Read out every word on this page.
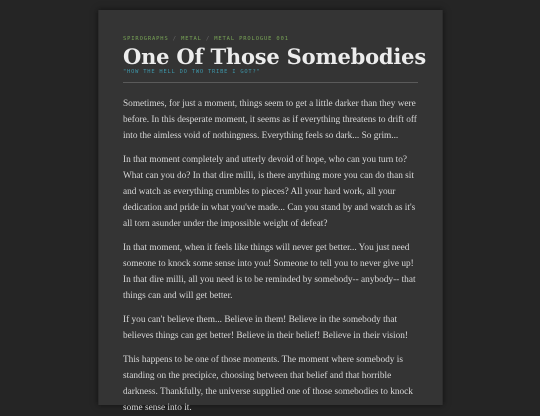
SPIROGRAPHS / METAL / METAL PROLOGUE 001
One Of Those Somebodies
"HOW THE HELL DO TWO TRIBE I GOT?"

Sometimes, for just a moment, things seem to get a little darker than they were before. In this desperate moment, it seems as if everything threatens to drift off into the aimless void of nothingness. Everything feels so dark... So grim...

In that moment completely and utterly devoid of hope, who can you turn to? What can you do? In that dire milli, is there anything more you can do than sit and watch as everything crumbles to pieces? All your hard work, all your dedication and pride in what you've made... Can you stand by and watch as it's all torn asunder under the impossible weight of defeat?

In that moment, when it feels like things will never get better... You just need someone to knock some sense into you! Someone to tell you to never give up! In that dire milli, all you need is to be reminded by somebody-- anybody-- that things can and will get better.

If you can't believe them... Believe in them! Believe in the somebody that believes things can get better! Believe in their belief! Believe in their vision!

This happens to be one of those moments. The moment where somebody is standing on the precipice, choosing between that belief and that horrible darkness. Thankfully, the universe supplied one of those somebodies to knock some sense into it.
